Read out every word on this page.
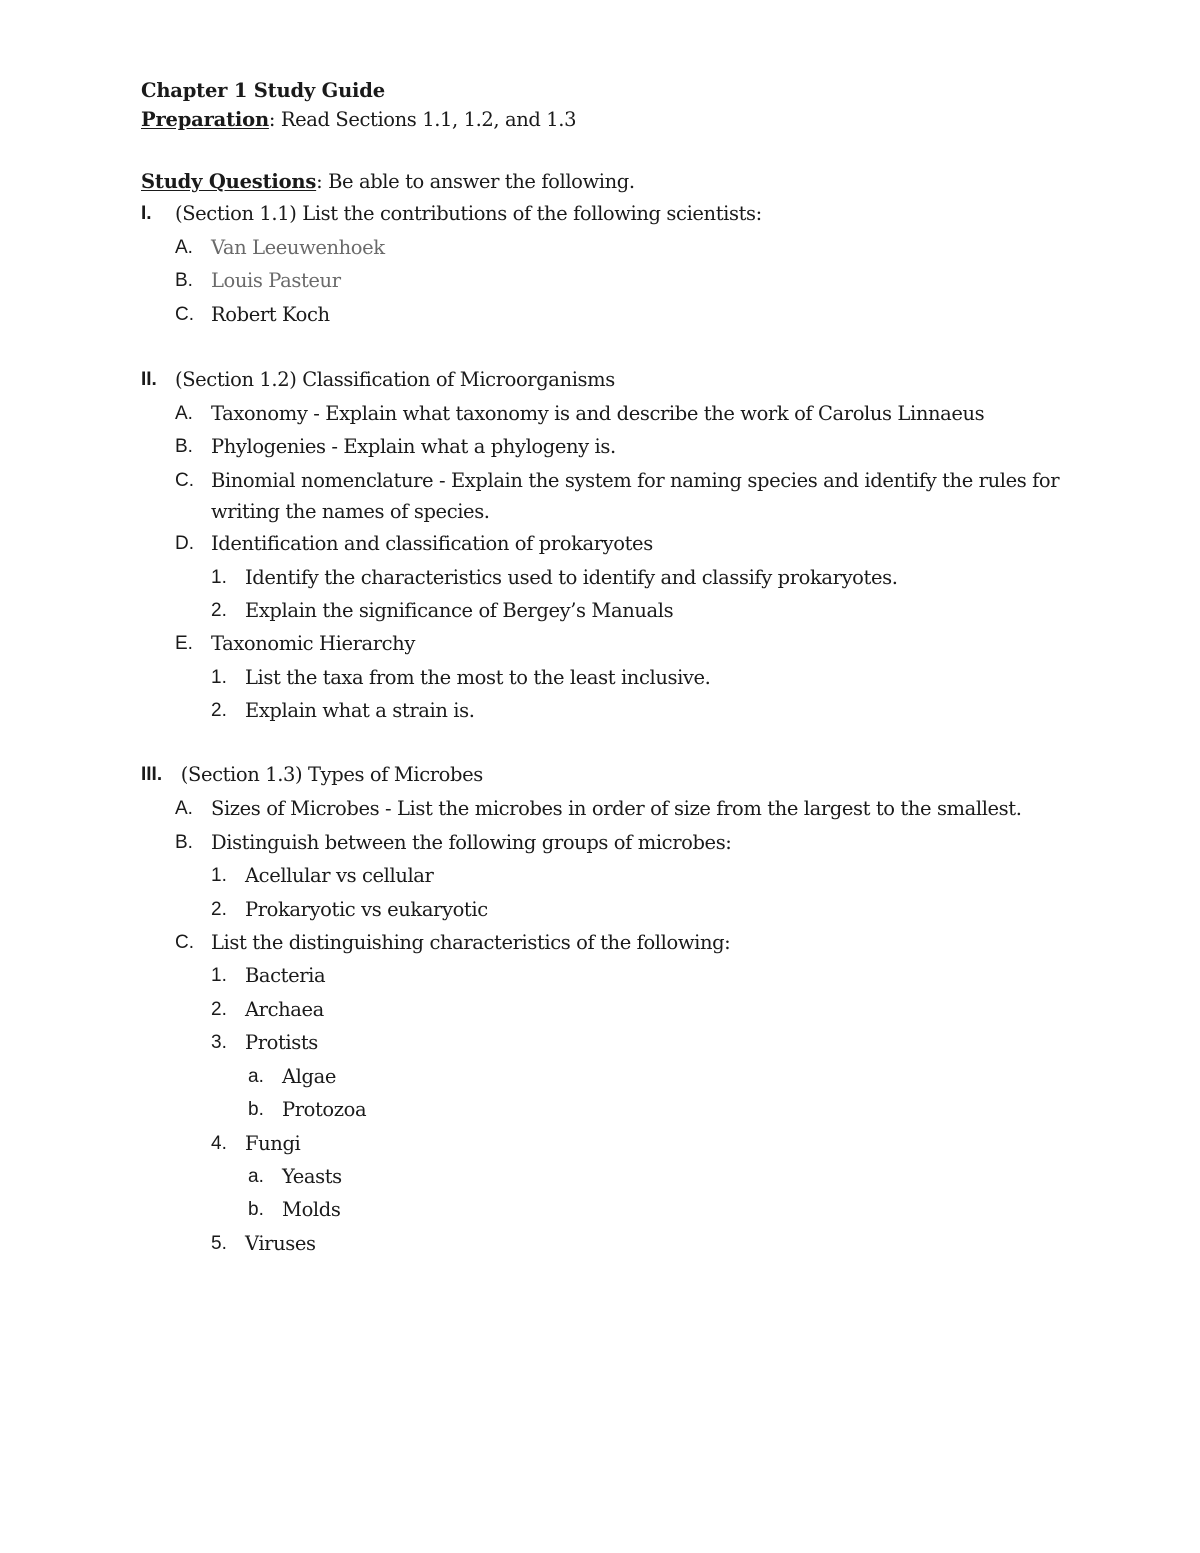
Chapter 1 Study Guide
Preparation: Read Sections 1.1, 1.2, and 1.3
Study Questions: Be able to answer the following.
I. (Section 1.1) List the contributions of the following scientists:
A. Van Leeuwenhoek
B. Louis Pasteur
C. Robert Koch
II. (Section 1.2) Classification of Microorganisms
A. Taxonomy - Explain what taxonomy is and describe the work of Carolus Linnaeus
B. Phylogenies - Explain what a phylogeny is.
C. Binomial nomenclature - Explain the system for naming species and identify the rules for
writing the names of species.
D. Identification and classification of prokaryotes
1. Identify the characteristics used to identify and classify prokaryotes.
2. Explain the significance of Bergey’s Manuals
E. Taxonomic Hierarchy
1. List the taxa from the most to the least inclusive.
2. Explain what a strain is.
III. (Section 1.3) Types of Microbes
A. Sizes of Microbes - List the microbes in order of size from the largest to the smallest.
B. Distinguish between the following groups of microbes:
1. Acellular vs cellular
2. Prokaryotic vs eukaryotic
C. List the distinguishing characteristics of the following:
1. Bacteria
2. Archaea
3. Protists
a. Algae
b. Protozoa
4. Fungi
a. Yeasts
b. Molds
5. Viruses
